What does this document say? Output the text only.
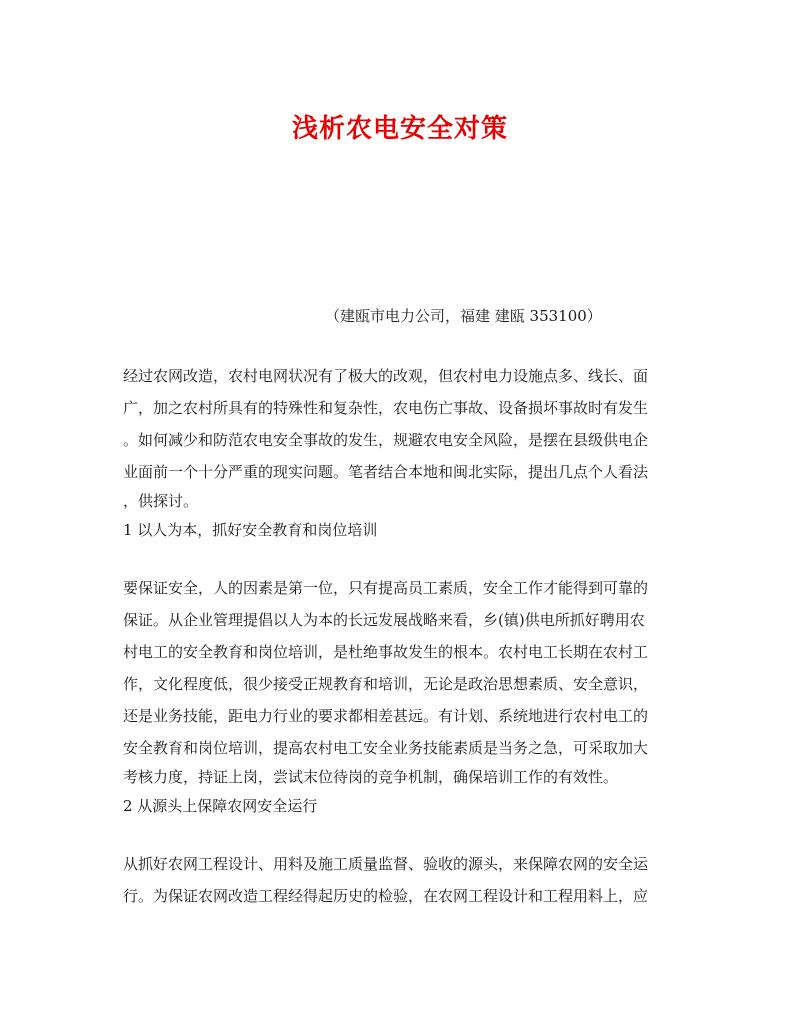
浅析农电安全对策

（建瓯市电力公司，福建 建瓯 353100）

经过农网改造，农村电网状况有了极大的改观，但农村电力设施点多、线长、面

广，加之农村所具有的特殊性和复杂性，农电伤亡事故、设备损坏事故时有发生

。如何减少和防范农电安全事故的发生，规避农电安全风险，是摆在县级供电企

业面前一个十分严重的现实问题。笔者结合本地和闽北实际，提出几点个人看法

，供探讨。

1 以人为本，抓好安全教育和岗位培训

要保证安全，人的因素是第一位，只有提高员工素质，安全工作才能得到可靠的

保证。从企业管理提倡以人为本的长远发展战略来看，乡(镇)供电所抓好聘用农

村电工的安全教育和岗位培训，是杜绝事故发生的根本。农村电工长期在农村工

作，文化程度低，很少接受正规教育和培训，无论是政治思想素质、安全意识，

还是业务技能，距电力行业的要求都相差甚远。有计划、系统地进行农村电工的

安全教育和岗位培训，提高农村电工安全业务技能素质是当务之急，可采取加大

考核力度，持证上岗，尝试末位待岗的竞争机制，确保培训工作的有效性。

2 从源头上保障农网安全运行

从抓好农网工程设计、用料及施工质量监督、验收的源头，来保障农网的安全运

行。为保证农网改造工程经得起历史的检验，在农网工程设计和工程用料上，应
